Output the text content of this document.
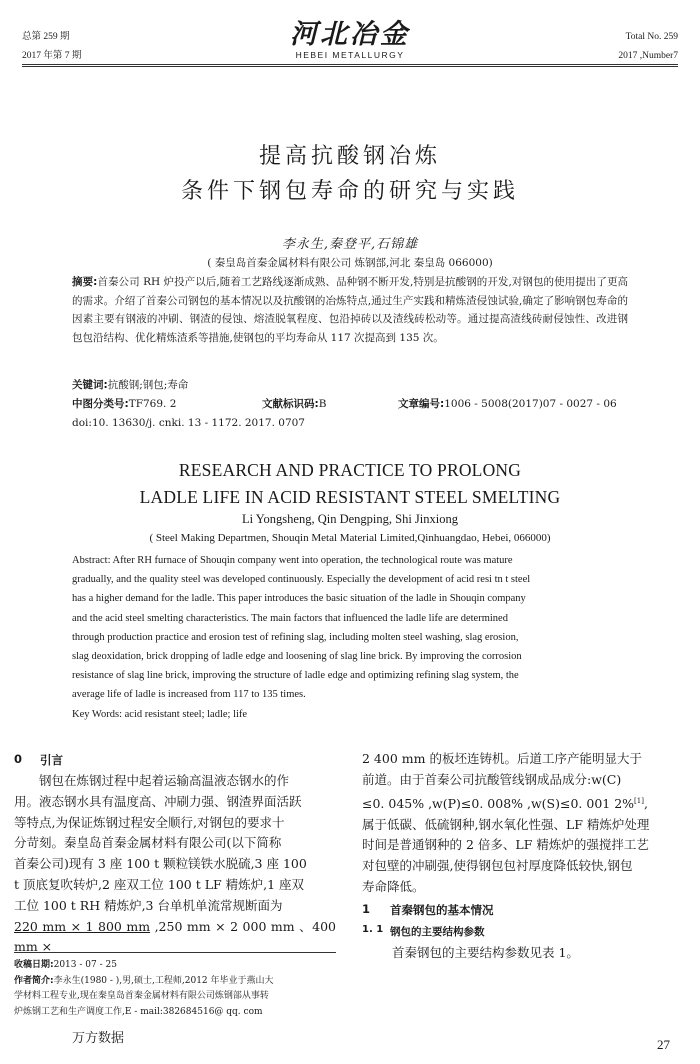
总第 259 期
2017 年第 7 期
河北冶金
HEBEI METALLURGY
Total No. 259
2017 ,Number7
提高抗酸钢冶炼
条件下钢包寿命的研究与实践
李永生,秦登平,石锦雄
( 秦皇岛首秦金属材料有限公司 炼钢部,河北 秦皇岛 066000)
摘要:首秦公司 RH 炉投产以后,随着工艺路线逐渐成熟、品种钢不断开发,特别是抗酸钢的开发,对钢包的使用提出了更高的需求。介绍了首秦公司钢包的基本情况以及抗酸钢的冶炼特点,通过生产实践和精炼渣侵蚀试验,确定了影响钢包寿命的因素主要有钢液的冲刷、钢渣的侵蚀、熔渣脱氧程度、包沿掉砖以及渣线砖松动等。通过提高渣线砖耐侵蚀性、改进钢包包沿结构、优化精炼渣系等措施,使钢包的平均寿命从 117 次提高到 135 次。
关键词:抗酸钢;钢包;寿命
中图分类号:TF769. 2	文献标识码:B	文章编号:1006 - 5008(2017)07 - 0027 - 06
doi:10. 13630/j. cnki. 13 - 1172. 2017. 0707
RESEARCH AND PRACTICE TO PROLONG
LADLE LIFE IN ACID RESISTANT STEEL SMELTING
Li Yongsheng, Qin Dengping, Shi Jinxiong
( Steel Making Departmen, Shouqin Metal Material Limited,Qinhuangdao, Hebei, 066000)
Abstract: After RH furnace of Shouqin company went into operation, the technological route was mature
gradually, and the quality steel was developed continuously. Especially the development of acid resi tn t steel
has a higher demand for the ladle. This paper introduces the basic situation of the ladle in Shouqin company
and the acid steel smelting characteristics. The main factors that influenced the ladle life are determined
through production practice and erosion test of refining slag, including molten steel washing, slag erosion,
slag deoxidation, brick dropping of ladle edge and loosening of slag line brick. By improving the corrosion
resistance of slag line brick, improving the structure of ladle edge and optimizing refining slag system, the
average life of ladle is increased from 117 to 135 times.
Key Words: acid resistant steel; ladle; life
0 引言
钢包在炼钢过程中起着运输高温液态钢水的作
用。液态钢水具有温度高、冲刷力强、钢渣界面活跃
等特点,为保证炼钢过程安全顺行,对钢包的要求十
分苛刻。秦皇岛首秦金属材料有限公司(以下简称
首秦公司)现有 3 座 100 t 颗粒镁铁水脱硫,3 座 100
t 顶底复吹转炉,2 座双工位 100 t LF 精炼炉,1 座双
工位 100 t RH 精炼炉,3 台单机单流常规断面为
220 mm × 1 800 mm ,250 mm × 2 000 mm 、400 mm ×
收稿日期:2013 - 07 - 25
作者简介:李永生(1980 - ),男,硕士,工程师,2012 年毕业于燕山大
学材料工程专业,现在秦皇岛首秦金属材料有限公司炼钢部从事转
炉炼钢工艺和生产调度工作,E - mail:382684516@ qq. com
万方数据
2 400 mm 的板坯连铸机。后道工序产能明显大于
前道。由于首秦公司抗酸管线钢成品成分:w(C)
≤0. 045% ,w(P)≤0. 008% ,w(S)≤0. 001 2%[1],
属于低碳、低硫钢种,钢水氧化性强、LF 精炼炉处理
时间是普通钢种的 2 倍多、LF 精炼炉的强搅拌工艺
对包壁的冲刷强,使得钢包包衬厚度降低较快,钢包
寿命降低。
1 首秦钢包的基本情况
1. 1 钢包的主要结构参数
首秦钢包的主要结构参数见表 1。
27
